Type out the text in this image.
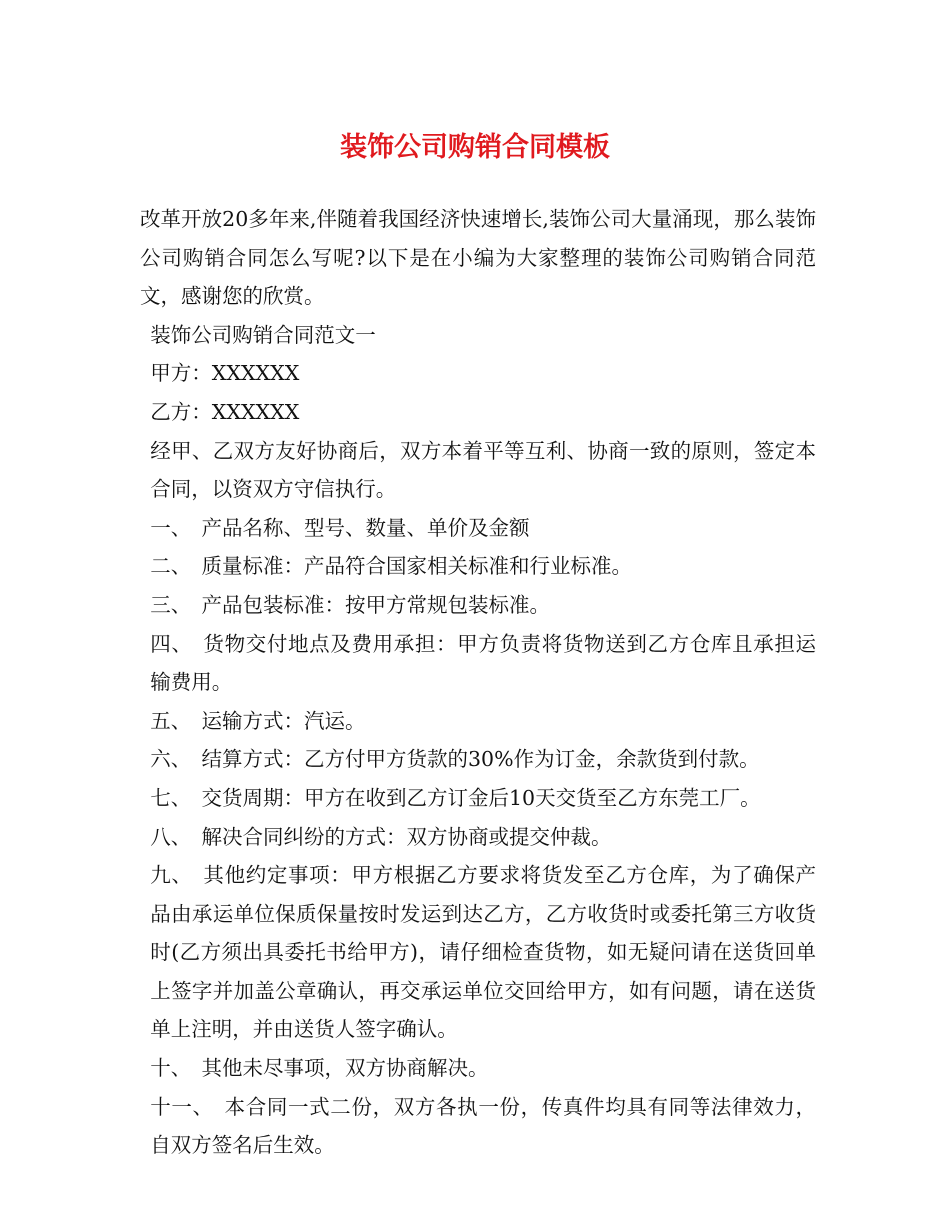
装饰公司购销合同模板

改革开放20多年来,伴随着我国经济快速增长,装饰公司大量涌现，那么装饰公司购销合同怎么写呢?以下是在小编为大家整理的装饰公司购销合同范文，感谢您的欣赏。

装饰公司购销合同范文一

甲方：XXXXXX

乙方：XXXXXX

经甲、乙双方友好协商后，双方本着平等互利、协商一致的原则，签定本合同，以资双方守信执行。

一、　产品名称、型号、数量、单价及金额

二、　质量标准：产品符合国家相关标准和行业标准。

三、　产品包装标准：按甲方常规包装标准。

四、　货物交付地点及费用承担：甲方负责将货物送到乙方仓库且承担运输费用。

五、　运输方式：汽运。

六、　结算方式：乙方付甲方货款的30%作为订金，余款货到付款。

七、　交货周期：甲方在收到乙方订金后10天交货至乙方东莞工厂。

八、　解决合同纠纷的方式：双方协商或提交仲裁。

九、　其他约定事项：甲方根据乙方要求将货发至乙方仓库，为了确保产品由承运单位保质保量按时发运到达乙方，乙方收货时或委托第三方收货时(乙方须出具委托书给甲方)，请仔细检查货物，如无疑问请在送货回单上签字并加盖公章确认，再交承运单位交回给甲方，如有问题，请在送货单上注明，并由送货人签字确认。

十、　其他未尽事项，双方协商解决。

十一、　本合同一式二份，双方各执一份，传真件均具有同等法律效力，自双方签名后生效。
